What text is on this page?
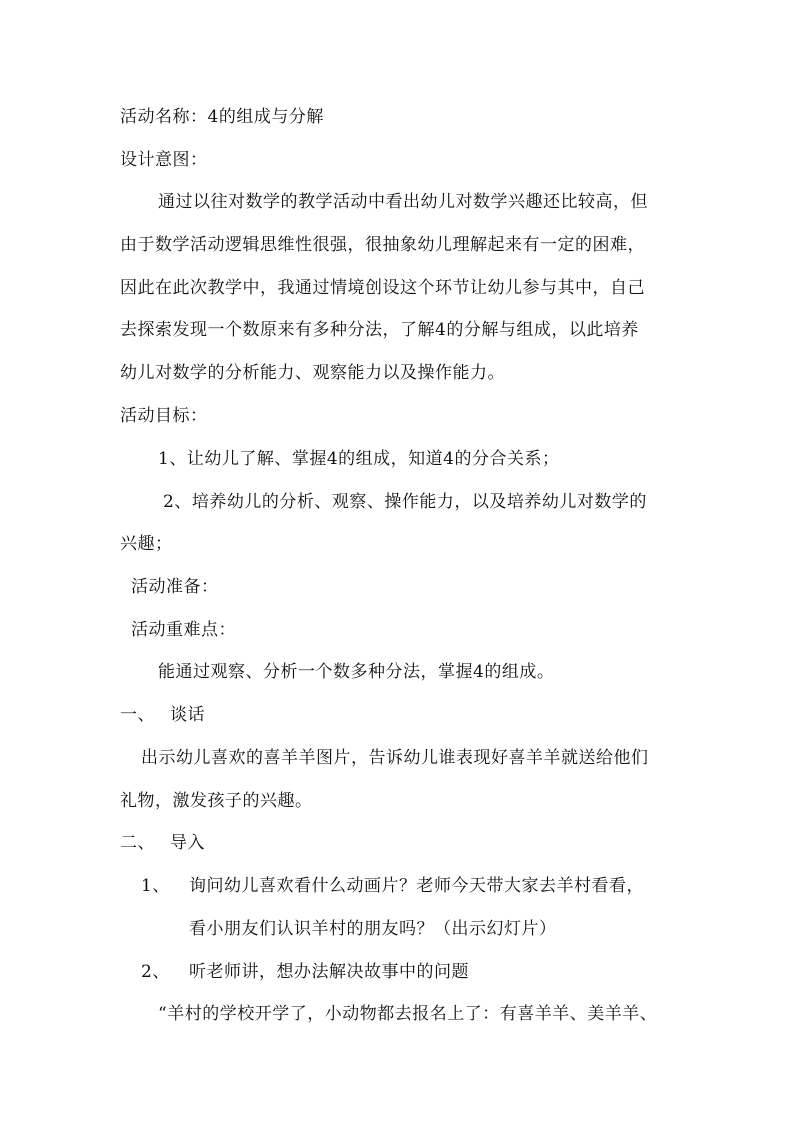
活动名称：4的组成与分解
设计意图：
通过以往对数学的教学活动中看出幼儿对数学兴趣还比较高，但
由于数学活动逻辑思维性很强，很抽象幼儿理解起来有一定的困难，
因此在此次教学中，我通过情境创设这个环节让幼儿参与其中，自己
去探索发现一个数原来有多种分法，了解4的分解与组成，以此培养
幼儿对数学的分析能力、观察能力以及操作能力。
活动目标：
1、让幼儿了解、掌握4的组成，知道4的分合关系；
2、培养幼儿的分析、观察、操作能力，以及培养幼儿对数学的
兴趣；
活动准备：
活动重难点：
能通过观察、分析一个数多种分法，掌握4的组成。
一、 谈话
出示幼儿喜欢的喜羊羊图片，告诉幼儿谁表现好喜羊羊就送给他们
礼物，激发孩子的兴趣。
二、 导入
1、 询问幼儿喜欢看什么动画片？老师今天带大家去羊村看看，
看小朋友们认识羊村的朋友吗？（出示幻灯片）
2、 听老师讲，想办法解决故事中的问题
“羊村的学校开学了，小动物都去报名上了：有喜羊羊、美羊羊、
